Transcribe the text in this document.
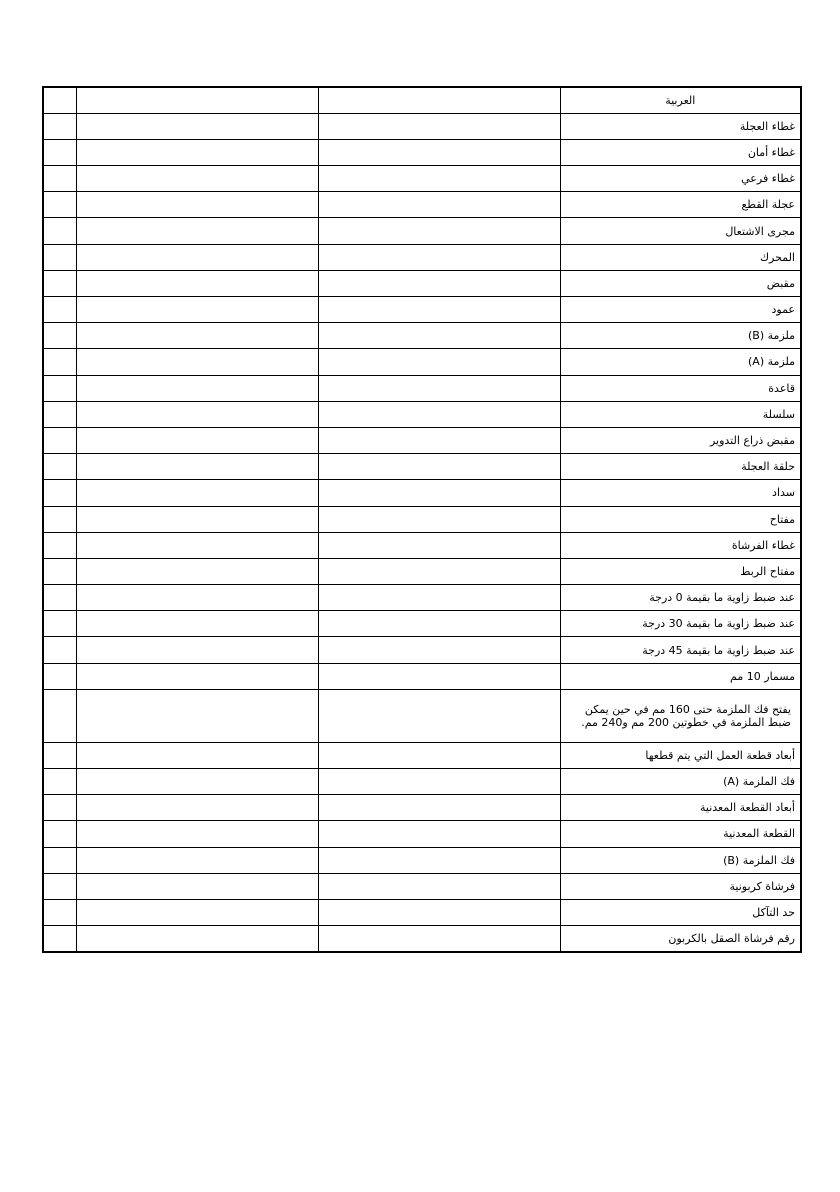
			العربية
			غطاء العجلة
			غطاء أمان
			غطاء فرعي
			عجلة القطع
			مجرى الاشتعال
			المحرك
			مقبض
			عمود
			ملزمة (B)
			ملزمة (A)
			قاعدة
			سلسلة
			مقبض ذراع التدوير
			حلقة العجلة
			سداد
			مفتاح
			غطاء الفرشاة
			مفتاح الربط
			عند ضبط زاوية ما بقيمة 0 درجة
			عند ضبط زاوية ما بقيمة 30 درجة
			عند ضبط زاوية ما بقيمة 45 درجة
			مسمار 10 مم

			يفتح فك الملزمة حتى 160 مم في حين يمكن
ضبط الملزمة في خطوتين 200 مم و240 مم.

			أبعاد قطعة العمل التي يتم قطعها
			فك الملزمة (A)
			أبعاد القطعة المعدنية
			القطعة المعدنية
			فك الملزمة (B)
			فرشاة كربونية
			حد التآكل
			رقم فرشاة الصقل بالكربون
